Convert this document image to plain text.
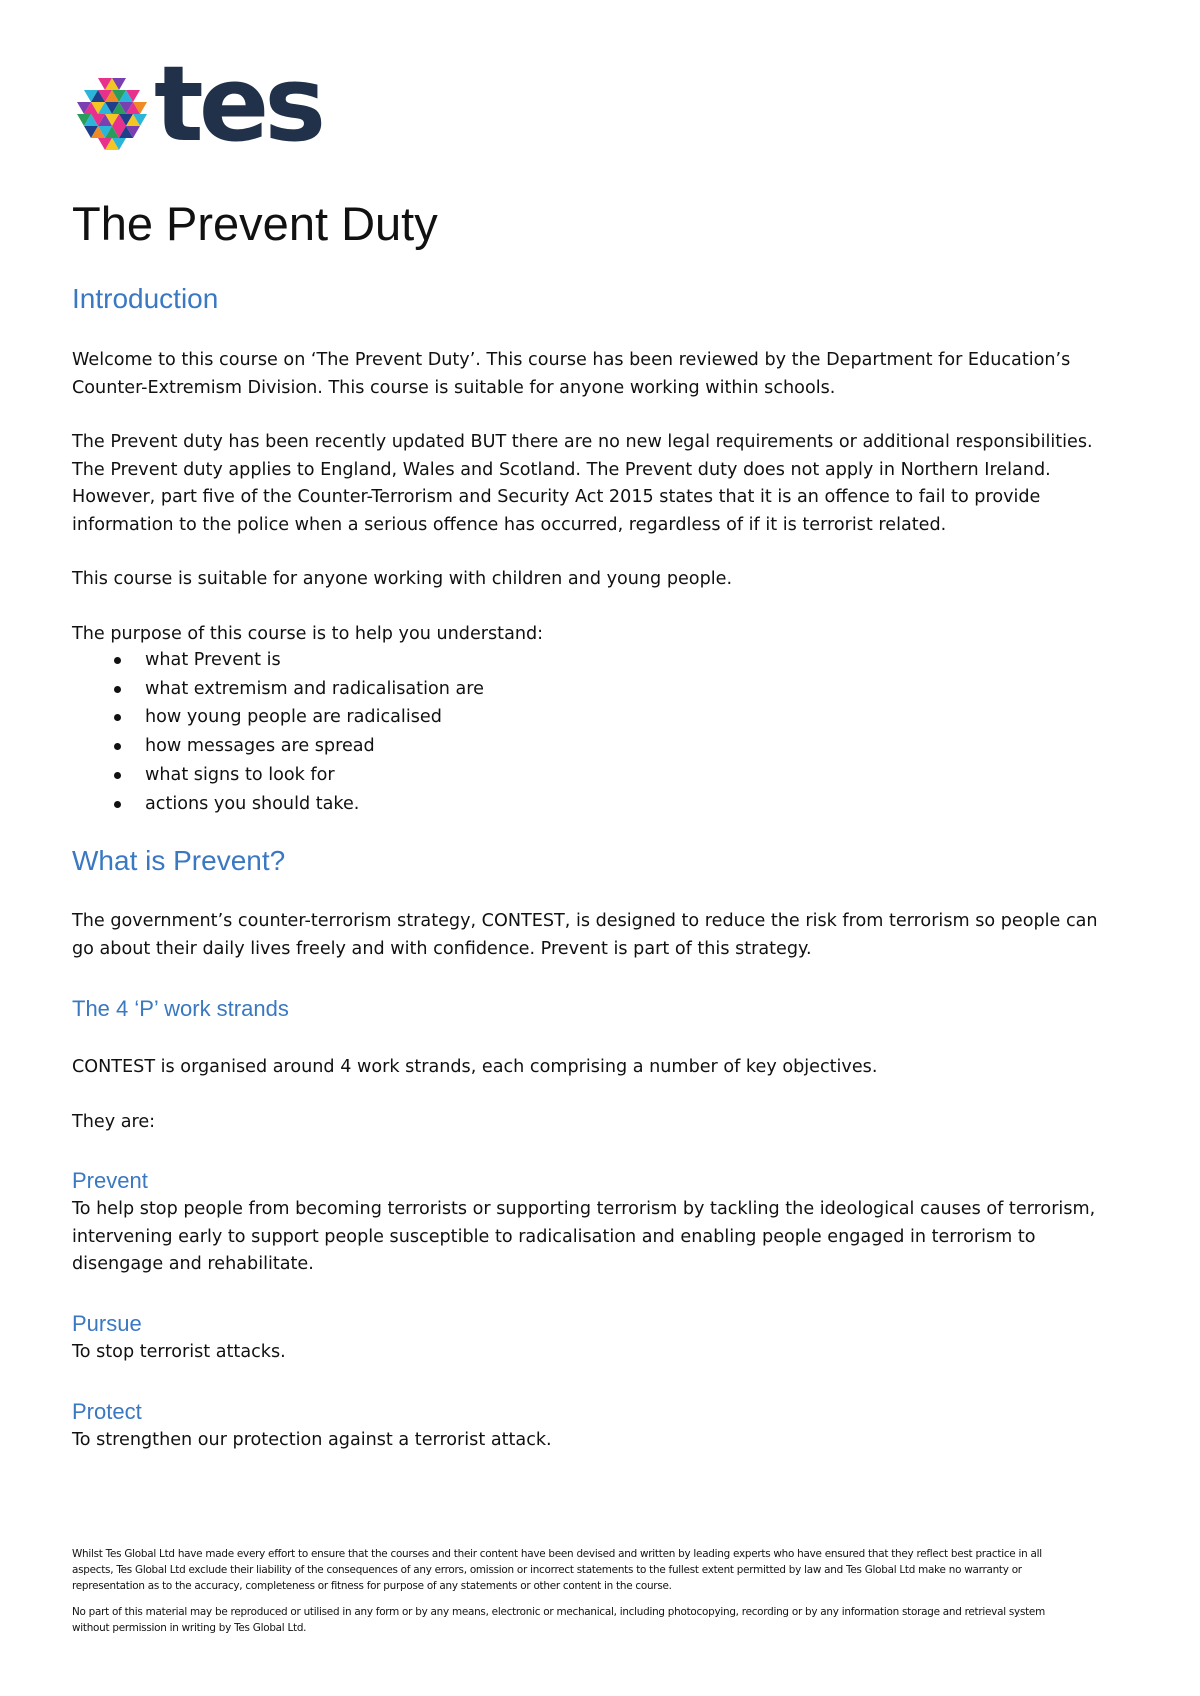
tes
The Prevent Duty
Introduction

Welcome to this course on ‘The Prevent Duty’. This course has been reviewed by the Department for Education’s
Counter-Extremism Division. This course is suitable for anyone working within schools.

The Prevent duty has been recently updated BUT there are no new legal requirements or additional responsibilities.
The Prevent duty applies to England, Wales and Scotland. The Prevent duty does not apply in Northern Ireland.
However, part five of the Counter-Terrorism and Security Act 2015 states that it is an offence to fail to provide
information to the police when a serious offence has occurred, regardless of if it is terrorist related.

This course is suitable for anyone working with children and young people.

The purpose of this course is to help you understand:

what Prevent is
what extremism and radicalisation are
how young people are radicalised
how messages are spread
what signs to look for
actions you should take.
What is Prevent?

The government’s counter-terrorism strategy, CONTEST, is designed to reduce the risk from terrorism so people can
go about their daily lives freely and with confidence. Prevent is part of this strategy.

The 4 ‘P’ work strands

CONTEST is organised around 4 work strands, each comprising a number of key objectives.

They are:

Prevent

To help stop people from becoming terrorists or supporting terrorism by tackling the ideological causes of terrorism,
intervening early to support people susceptible to radicalisation and enabling people engaged in terrorism to
disengage and rehabilitate.

Pursue

To stop terrorist attacks.

Protect

To strengthen our protection against a terrorist attack.

Whilst Tes Global Ltd have made every effort to ensure that the courses and their content have been devised and written by leading experts who have ensured that they reflect best practice in all
aspects, Tes Global Ltd exclude their liability of the consequences of any errors, omission or incorrect statements to the fullest extent permitted by law and Tes Global Ltd make no warranty or
representation as to the accuracy, completeness or fitness for purpose of any statements or other content in the course.

No part of this material may be reproduced or utilised in any form or by any means, electronic or mechanical, including photocopying, recording or by any information storage and retrieval system
without permission in writing by Tes Global Ltd.
